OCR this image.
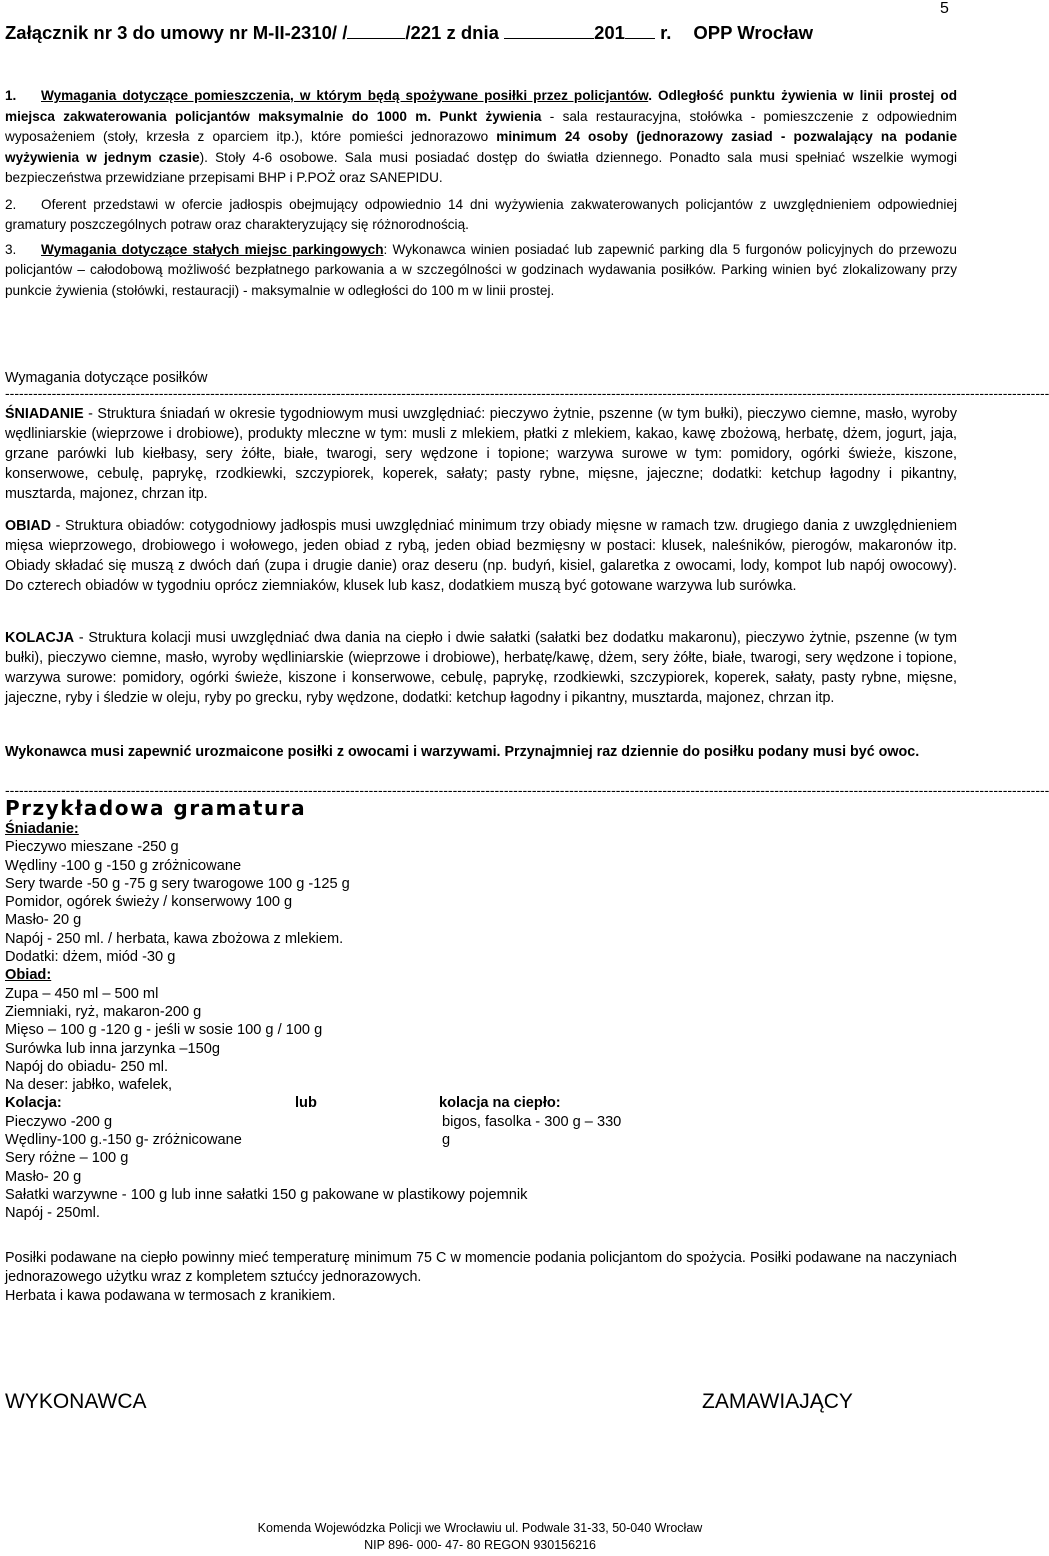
5
Załącznik nr 3 do umowy nr M-II-2310/ /	/221 z dnia	201 r. OPP Wrocław

1. Wymagania dotyczące pomieszczenia, w którym będą spożywane posiłki przez policjantów. Odległość punktu żywienia w linii prostej od miejsca zakwaterowania policjantów maksymalnie do 1000 m. Punkt żywienia - sala restauracyjna, stołówka - pomieszczenie z odpowiednim wyposażeniem (stoły, krzesła z oparciem itp.), które pomieści jednorazowo minimum 24 osoby (jednorazowy zasiad - pozwalający na podanie wyżywienia w jednym czasie). Stoły 4-6 osobowe. Sala musi posiadać dostęp do światła dziennego. Ponadto sala musi spełniać wszelkie wymogi bezpieczeństwa przewidziane przepisami BHP i P.POŻ oraz SANEPIDU.

2. Oferent przedstawi w ofercie jadłospis obejmujący odpowiednio 14 dni wyżywienia zakwaterowanych policjantów z uwzględnieniem odpowiedniej gramatury poszczególnych potraw oraz charakteryzujący się różnorodnością.

3. Wymagania dotyczące stałych miejsc parkingowych: Wykonawca winien posiadać lub zapewnić parking dla 5 furgonów policyjnych do przewozu policjantów – całodobową możliwość bezpłatnego parkowania a w szczególności w godzinach wydawania posiłków. Parking winien być zlokalizowany przy punkcie żywienia (stołówki, restauracji) - maksymalnie w odległości do 100 m w linii prostej.

Wymagania dotyczące posiłków
--------------------------------------------------------------------------------------------------------------------------------------------------------------------------------------------------------------------------------
ŚNIADANIE - Struktura śniadań w okresie tygodniowym musi uwzględniać: pieczywo żytnie, pszenne (w tym bułki), pieczywo ciemne, masło, wyroby wędliniarskie (wieprzowe i drobiowe), produkty mleczne w tym: musli z mlekiem, płatki z mlekiem, kakao, kawę zbożową, herbatę, dżem, jogurt, jaja, grzane parówki lub kiełbasy, sery żółte, białe, twarogi, sery wędzone i topione; warzywa surowe w tym: pomidory, ogórki świeże, kiszone, konserwowe, cebulę, paprykę, rzodkiewki, szczypiorek, koperek, sałaty; pasty rybne, mięsne, jajeczne; dodatki: ketchup łagodny i pikantny, musztarda, majonez, chrzan itp.
OBIAD - Struktura obiadów: cotygodniowy jadłospis musi uwzględniać minimum trzy obiady mięsne w ramach tzw. drugiego dania z uwzględnieniem mięsa wieprzowego, drobiowego i wołowego, jeden obiad z rybą, jeden obiad bezmięsny w postaci: klusek, naleśników, pierogów, makaronów itp. Obiady składać się muszą z dwóch dań (zupa i drugie danie) oraz deseru (np. budyń, kisiel, galaretka z owocami, lody, kompot lub napój owocowy). Do czterech obiadów w tygodniu oprócz ziemniaków, klusek lub kasz, dodatkiem muszą być gotowane warzywa lub surówka.
KOLACJA - Struktura kolacji musi uwzględniać dwa dania na ciepło i dwie sałatki (sałatki bez dodatku makaronu), pieczywo żytnie, pszenne (w tym bułki), pieczywo ciemne, masło, wyroby wędliniarskie (wieprzowe i drobiowe), herbatę/kawę, dżem, sery żółte, białe, twarogi, sery wędzone i topione, warzywa surowe: pomidory, ogórki świeże, kiszone i konserwowe, cebulę, paprykę, rzodkiewki, szczypiorek, koperek, sałaty, pasty rybne, mięsne, jajeczne, ryby i śledzie w oleju, ryby po grecku, ryby wędzone, dodatki: ketchup łagodny i pikantny, musztarda, majonez, chrzan itp.
Wykonawca musi zapewnić urozmaicone posiłki z owocami i warzywami. Przynajmniej raz dziennie do posiłku podany musi być owoc.
--------------------------------------------------------------------------------------------------------------------------------------------------------------------------------------------------------------------------------
Przykładowa gramatura
Śniadanie:
Pieczywo mieszane -250 g
Wędliny -100 g -150 g zróżnicowane
Sery twarde -50 g -75 g sery twarogowe 100 g -125 g
Pomidor, ogórek świeży / konserwowy 100 g
Masło- 20 g
Napój - 250 ml. / herbata, kawa zbożowa z mlekiem.
Dodatki: dżem, miód -30 g
Obiad:
Zupa – 450 ml – 500 ml
Ziemniaki, ryż, makaron-200 g
Mięso – 100 g -120 g - jeśli w sosie 100 g / 100 g
Surówka lub inna jarzynka –150g
Napój do obiadu- 250 ml.
Na deser: jabłko, wafelek,
Kolacja:	lub	kolacja na ciepło:
Pieczywo -200 g	bigos, fasolka - 300 g – 330 g
Wędliny-100 g.-150 g- zróżnicowane
Sery różne – 100 g
Masło- 20 g
Sałatki warzywne - 100 g lub inne sałatki 150 g pakowane w plastikowy pojemnik
Napój - 250ml.
Posiłki podawane na ciepło powinny mieć temperaturę minimum 75 C w momencie podania policjantom do spożycia. Posiłki podawane na naczyniach jednorazowego użytku wraz z kompletem sztućcy jednorazowych.
Herbata i kawa podawana w termosach z kranikiem.
WYKONAWCA	ZAMAWIAJĄCY
Komenda Wojewódzka Policji we Wrocławiu ul. Podwale 31-33, 50-040 Wrocław
NIP 896- 000- 47- 80 REGON 930156216
